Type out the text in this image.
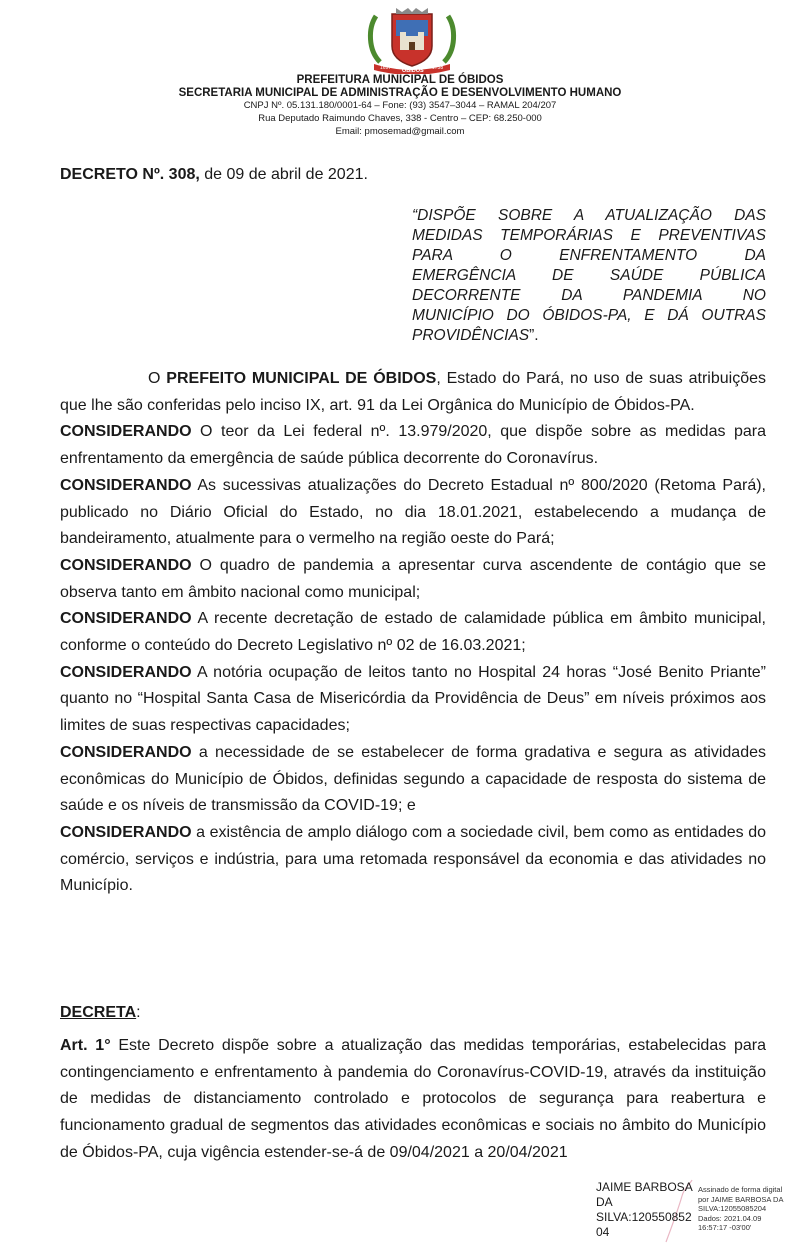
1697 ÓBIDOS 1758
PREFEITURA MUNICIPAL DE ÓBIDOS
SECRETARIA MUNICIPAL DE ADMINISTRAÇÃO E DESENVOLVIMENTO HUMANO
CNPJ Nº. 05.131.180/0001-64 – Fone: (93) 3547–3044 – RAMAL 204/207
Rua Deputado Raimundo Chaves, 338 - Centro – CEP: 68.250-000
Email: pmosemad@gmail.com
DECRETO Nº. 308, de 09 de abril de 2021.
“DISPÕE SOBRE A ATUALIZAÇÃO DAS
MEDIDAS TEMPORÁRIAS E PREVENTIVAS
PARA O ENFRENTAMENTO DA
EMERGÊNCIA DE SAÚDE PÚBLICA
DECORRENTE DA PANDEMIA NO
MUNICÍPIO DO ÓBIDOS-PA, E DÁ OUTRAS
PROVIDÊNCIAS”.

O PREFEITO MUNICIPAL DE ÓBIDOS, Estado do Pará, no uso de suas atribuições que lhe são conferidas pelo inciso IX, art. 91 da Lei Orgânica do Município de Óbidos-PA.

CONSIDERANDO O teor da Lei federal nº. 13.979/2020, que dispõe sobre as medidas para enfrentamento da emergência de saúde pública decorrente do Coronavírus.

CONSIDERANDO As sucessivas atualizações do Decreto Estadual nº 800/2020 (Retoma Pará), publicado no Diário Oficial do Estado, no dia 18.01.2021, estabelecendo a mudança de bandeiramento, atualmente para o vermelho na região oeste do Pará;

CONSIDERANDO O quadro de pandemia a apresentar curva ascendente de contágio que se observa tanto em âmbito nacional como municipal;

CONSIDERANDO A recente decretação de estado de calamidade pública em âmbito municipal, conforme o conteúdo do Decreto Legislativo nº 02 de 16.03.2021;

CONSIDERANDO A notória ocupação de leitos tanto no Hospital 24 horas “José Benito Priante” quanto no “Hospital Santa Casa de Misericórdia da Providência de Deus” em níveis próximos aos limites de suas respectivas capacidades;

CONSIDERANDO a necessidade de se estabelecer de forma gradativa e segura as atividades econômicas do Município de Óbidos, definidas segundo a capacidade de resposta do sistema de saúde e os níveis de transmissão da COVID-19; e

CONSIDERANDO a existência de amplo diálogo com a sociedade civil, bem como as entidades do comércio, serviços e indústria, para uma retomada responsável da economia e das atividades no Município.

DECRETA:

Art. 1° Este Decreto dispõe sobre a atualização das medidas temporárias, estabelecidas para contingenciamento e enfrentamento à pandemia do Coronavírus-COVID-19, através da instituição de medidas de distanciamento controlado e protocolos de segurança para reabertura e funcionamento gradual de segmentos das atividades econômicas e sociais no âmbito do Município de Óbidos-PA, cuja vigência estender-se-á de 09/04/2021 a 20/04/2021

JAIME BARBOSA
DA
SILVA:120550852
04
Assinado de forma digital
por JAIME BARBOSA DA
SILVA:12055085204
Dados: 2021.04.09
16:57:17 -03'00'
